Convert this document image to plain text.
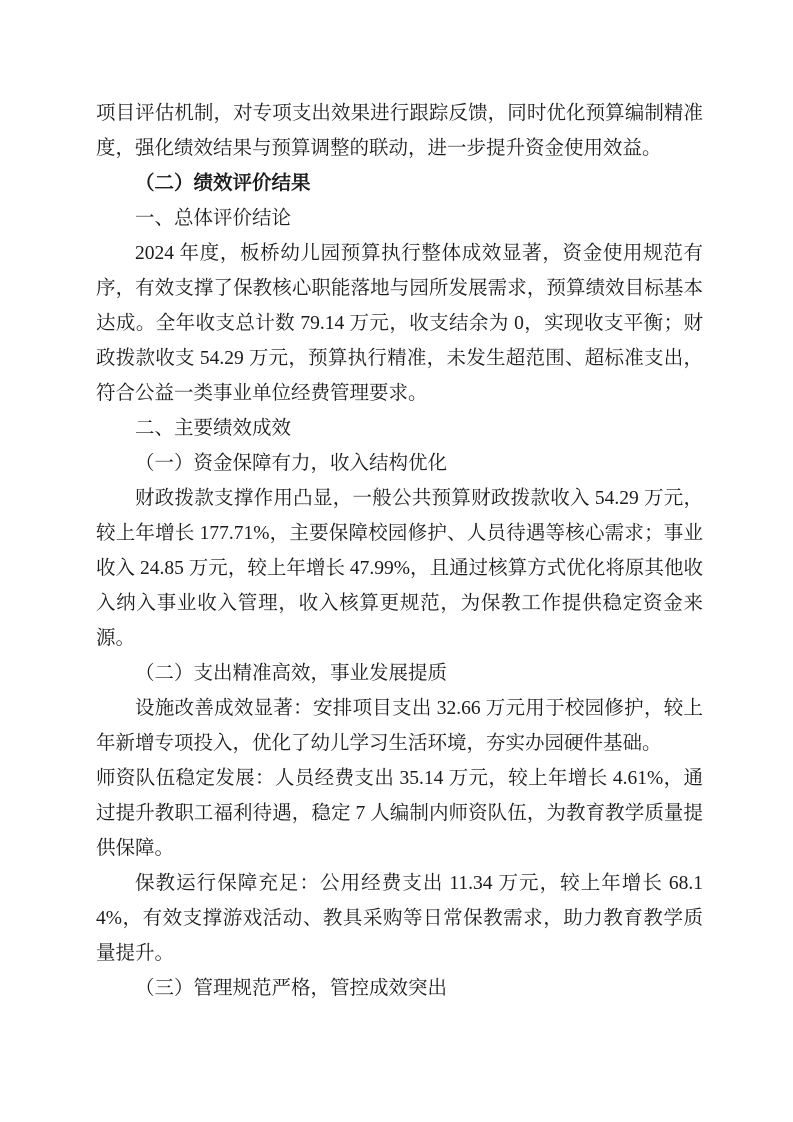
项目评估机制，对专项支出效果进行跟踪反馈，同时优化预算编制精准度，强化绩效结果与预算调整的联动，进一步提升资金使用效益。

（二）绩效评价结果

一、总体评价结论

2024 年度，板桥幼儿园预算执行整体成效显著，资金使用规范有序，有效支撑了保教核心职能落地与园所发展需求，预算绩效目标基本达成。全年收支总计数 79.14 万元，收支结余为 0，实现收支平衡；财政拨款收支 54.29 万元，预算执行精准，未发生超范围、超标准支出，符合公益一类事业单位经费管理要求。

二、主要绩效成效

（一）资金保障有力，收入结构优化

财政拨款支撑作用凸显，一般公共预算财政拨款收入 54.29 万元，较上年增长 177.71%，主要保障校园修护、人员待遇等核心需求；事业收入 24.85 万元，较上年增长 47.99%，且通过核算方式优化将原其他收入纳入事业收入管理，收入核算更规范，为保教工作提供稳定资金来源。

（二）支出精准高效，事业发展提质

设施改善成效显著：安排项目支出 32.66 万元用于校园修护，较上年新增专项投入，优化了幼儿学习生活环境，夯实办园硬件基础。

师资队伍稳定发展：人员经费支出 35.14 万元，较上年增长 4.61%，通过提升教职工福利待遇，稳定 7 人编制内师资队伍，为教育教学质量提供保障。

保教运行保障充足：公用经费支出 11.34 万元，较上年增长 68.14%，有效支撑游戏活动、教具采购等日常保教需求，助力教育教学质量提升。

（三）管理规范严格，管控成效突出
